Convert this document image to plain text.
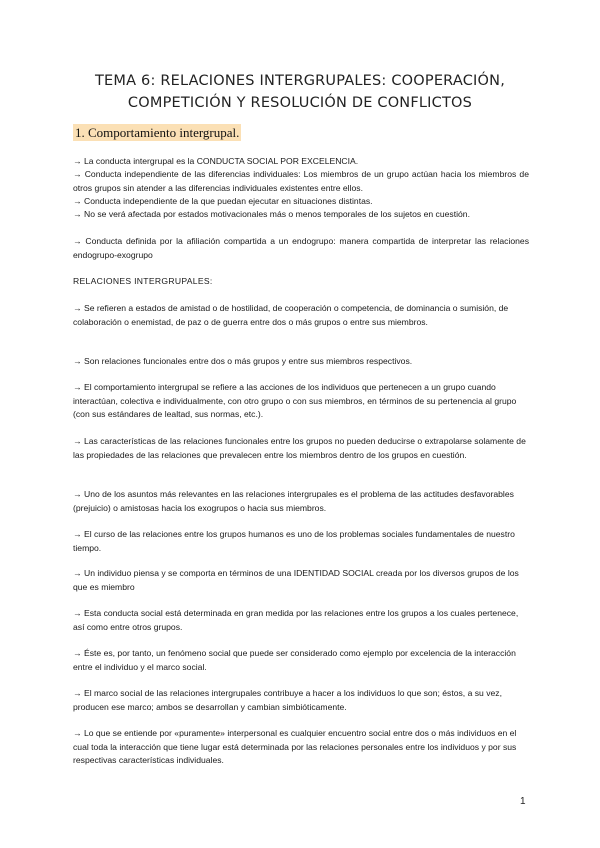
TEMA 6: RELACIONES INTERGRUPALES: COOPERACIÓN,
COMPETICIÓN Y RESOLUCIÓN DE CONFLICTOS
1. Comportamiento intergrupal.

→ La conducta intergrupal es la CONDUCTA SOCIAL POR EXCELENCIA.

→ Conducta independiente de las diferencias individuales: Los miembros de un grupo actúan hacia los miembros de otros grupos sin atender a las diferencias individuales existentes entre ellos.

→ Conducta independiente de la que puedan ejecutar en situaciones distintas.

→ No se verá afectada por estados motivacionales más o menos temporales de los sujetos en cuestión.

→ Conducta definida por la afiliación compartida a un endogrupo: manera compartida de interpretar las relaciones endogrupo-exogrupo

RELACIONES INTERGRUPALES:

→ Se refieren a estados de amistad o de hostilidad, de cooperación o competencia, de dominancia o sumisión, de colaboración o enemistad, de paz o de guerra entre dos o más grupos o entre sus miembros.

→ Son relaciones funcionales entre dos o más grupos y entre sus miembros respectivos.

→ El comportamiento intergrupal se refiere a las acciones de los individuos que pertenecen a un grupo cuando interactúan, colectiva e individualmente, con otro grupo o con sus miembros, en términos de su pertenencia al grupo (con sus estándares de lealtad, sus normas, etc.).

→ Las características de las relaciones funcionales entre los grupos no pueden deducirse o extrapolarse solamente de las propiedades de las relaciones que prevalecen entre los miembros dentro de los grupos en cuestión.

→ Uno de los asuntos más relevantes en las relaciones intergrupales es el problema de las actitudes desfavorables (prejuicio) o amistosas hacia los exogrupos o hacia sus miembros.

→ El curso de las relaciones entre los grupos humanos es uno de los problemas sociales fundamentales de nuestro tiempo.

→ Un individuo piensa y se comporta en términos de una IDENTIDAD SOCIAL creada por los diversos grupos de los que es miembro

→ Esta conducta social está determinada en gran medida por las relaciones entre los grupos a los cuales pertenece, así como entre otros grupos.

→ Éste es, por tanto, un fenómeno social que puede ser considerado como ejemplo por excelencia de la interacción entre el individuo y el marco social.

→ El marco social de las relaciones intergrupales contribuye a hacer a los individuos lo que son; éstos, a su vez, producen ese marco; ambos se desarrollan y cambian simbióticamente.

→ Lo que se entiende por «puramente» interpersonal es cualquier encuentro social entre dos o más individuos en el cual toda la interacción que tiene lugar está determinada por las relaciones personales entre los individuos y por sus respectivas características individuales.

1
